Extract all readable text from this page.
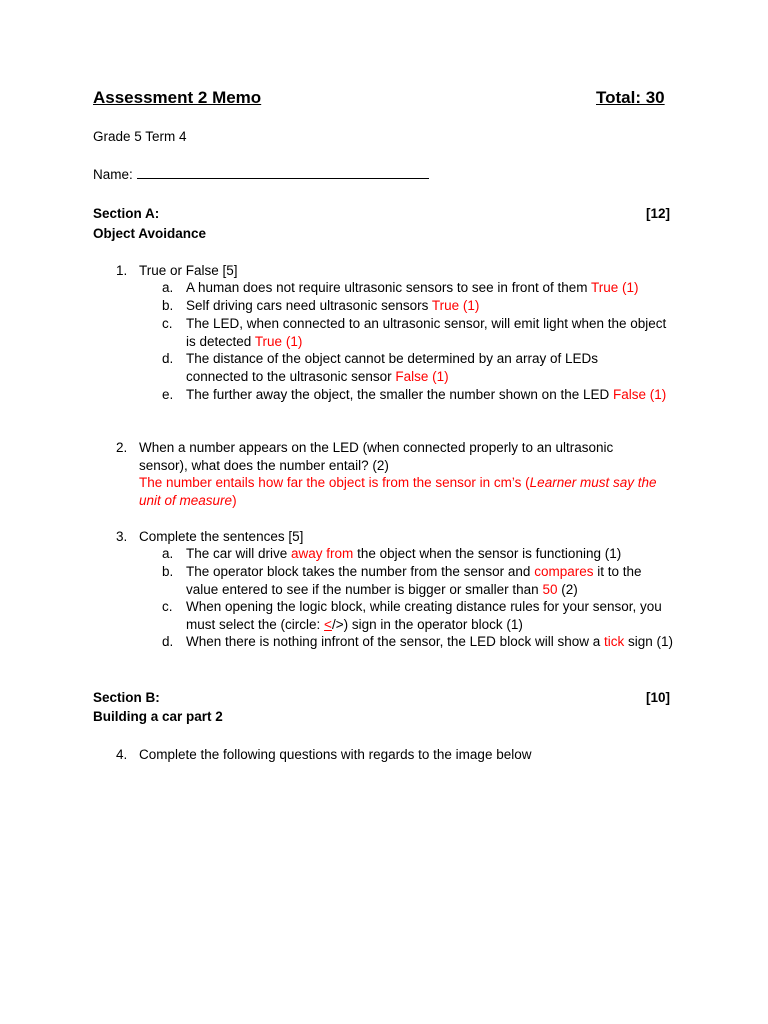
Assessment 2 Memo	Total: 30
Grade 5 Term 4
Name:
Section A:	[12]
Object Avoidance
1. True or False [5]
a. A human does not require ultrasonic sensors to see in front of them True (1)
b. Self driving cars need ultrasonic sensors True (1)
c. The LED, when connected to an ultrasonic sensor, will emit light when the object is detected True (1)
d. The distance of the object cannot be determined by an array of LEDs connected to the ultrasonic sensor False (1)
e. The further away the object, the smaller the number shown on the LED False (1)
2. When a number appears on the LED (when connected properly to an ultrasonic sensor), what does the number entail? (2)
The number entails how far the object is from the sensor in cm’s (Learner must say the unit of measure)
3. Complete the sentences [5]
a. The car will drive away from the object when the sensor is functioning (1)
b. The operator block takes the number from the sensor and compares it to the value entered to see if the number is bigger or smaller than 50 (2)
c. When opening the logic block, while creating distance rules for your sensor, you must select the (circle: </>) sign in the operator block (1)
d. When there is nothing infront of the sensor, the LED block will show a tick sign (1)
Section B:	[10]
Building a car part 2
4. Complete the following questions with regards to the image below
